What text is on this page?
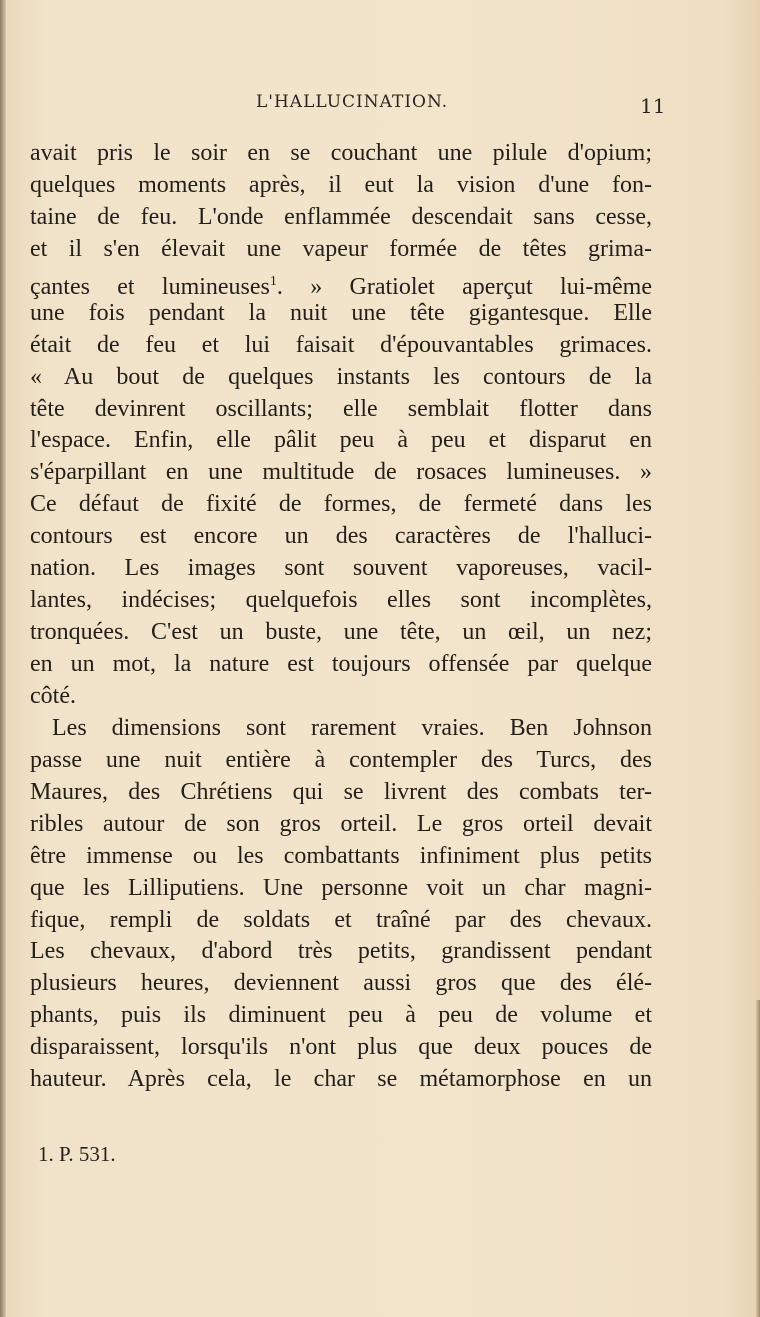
L'HALLUCINATION.	11
avait pris le soir en se couchant une pilule d'opium;
quelques moments après, il eut la vision d'une fon-
taine de feu. L'onde enflammée descendait sans cesse,
et il s'en élevait une vapeur formée de têtes grima-
çantes et lumineuses$^1$. » Gratiolet aperçut lui-même
une fois pendant la nuit une tête gigantesque. Elle
était de feu et lui faisait d'épouvantables grimaces.
« Au bout de quelques instants les contours de la
tête devinrent oscillants; elle semblait flotter dans
l'espace. Enfin, elle pâlit peu à peu et disparut en
s'éparpillant en une multitude de rosaces lumineuses. »
Ce défaut de fixité de formes, de fermeté dans les
contours est encore un des caractères de l'halluci-
nation. Les images sont souvent vaporeuses, vacil-
lantes, indécises; quelquefois elles sont incomplètes,
tronquées. C'est un buste, une tête, un œil, un nez;
en un mot, la nature est toujours offensée par quelque
côté.
Les dimensions sont rarement vraies. Ben Johnson
passe une nuit entière à contempler des Turcs, des
Maures, des Chrétiens qui se livrent des combats ter-
ribles autour de son gros orteil. Le gros orteil devait
être immense ou les combattants infiniment plus petits
que les Lilliputiens. Une personne voit un char magni-
fique, rempli de soldats et traîné par des chevaux.
Les chevaux, d'abord très petits, grandissent pendant
plusieurs heures, deviennent aussi gros que des élé-
phants, puis ils diminuent peu à peu de volume et
disparaissent, lorsqu'ils n'ont plus que deux pouces de
hauteur. Après cela, le char se métamorphose en un
1. P. 531.
